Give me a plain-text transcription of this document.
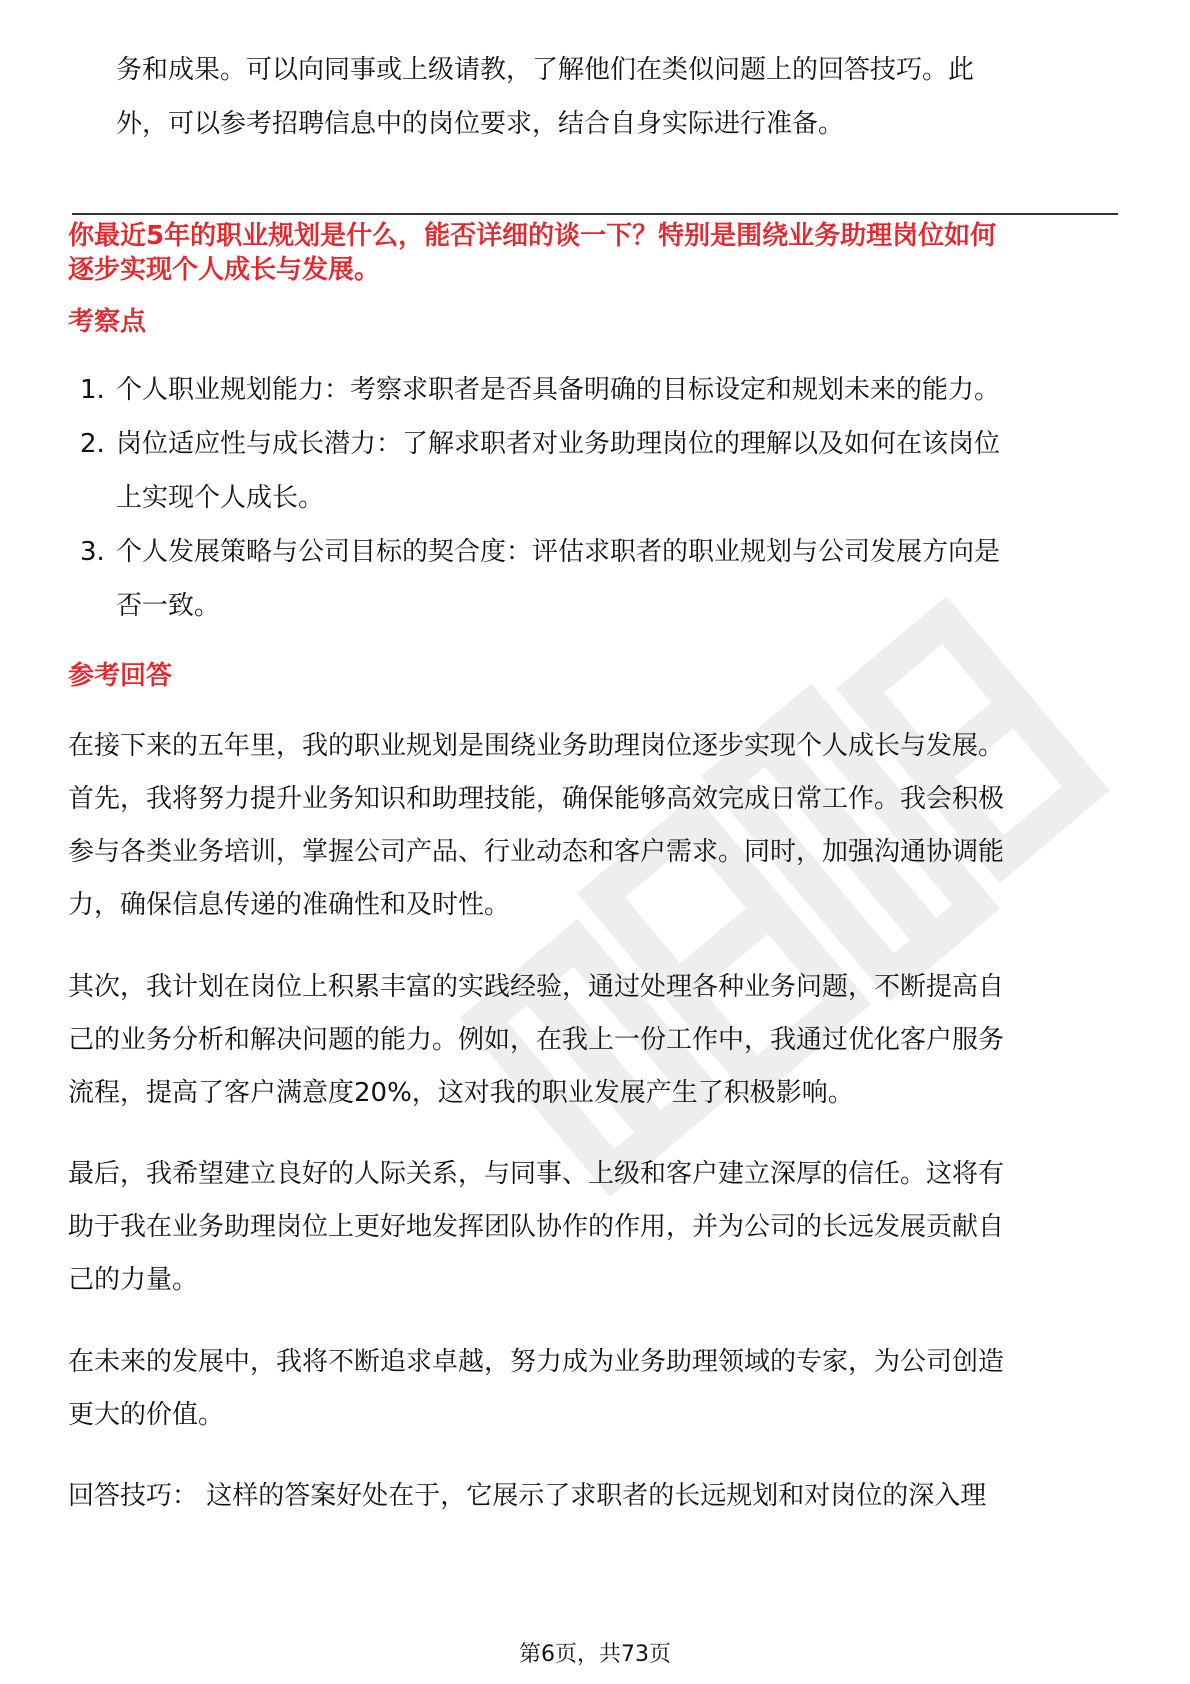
务和成果。可以向同事或上级请教，了解他们在类似问题上的回答技巧。此
外，可以参考招聘信息中的岗位要求，结合自身实际进行准备。
你最近5年的职业规划是什么，能否详细的谈一下？特别是围绕业务助理岗位如何
逐步实现个人成长与发展。
考察点
1. 个人职业规划能力：考察求职者是否具备明确的目标设定和规划未来的能力。
2. 岗位适应性与成长潜力：了解求职者对业务助理岗位的理解以及如何在该岗位
上实现个人成长。
3. 个人发展策略与公司目标的契合度：评估求职者的职业规划与公司发展方向是
否一致。
参考回答
在接下来的五年里，我的职业规划是围绕业务助理岗位逐步实现个人成长与发展。
首先，我将努力提升业务知识和助理技能，确保能够高效完成日常工作。我会积极
参与各类业务培训，掌握公司产品、行业动态和客户需求。同时，加强沟通协调能
力，确保信息传递的准确性和及时性。
其次，我计划在岗位上积累丰富的实践经验，通过处理各种业务问题，不断提高自
己的业务分析和解决问题的能力。例如，在我上一份工作中，我通过优化客户服务
流程，提高了客户满意度20%，这对我的职业发展产生了积极影响。
最后，我希望建立良好的人际关系，与同事、上级和客户建立深厚的信任。这将有
助于我在业务助理岗位上更好地发挥团队协作的作用，并为公司的长远发展贡献自
己的力量。
在未来的发展中，我将不断追求卓越，努力成为业务助理领域的专家，为公司创造
更大的价值。
回答技巧： 这样的答案好处在于，它展示了求职者的长远规划和对岗位的深入理
第6页，共73页
